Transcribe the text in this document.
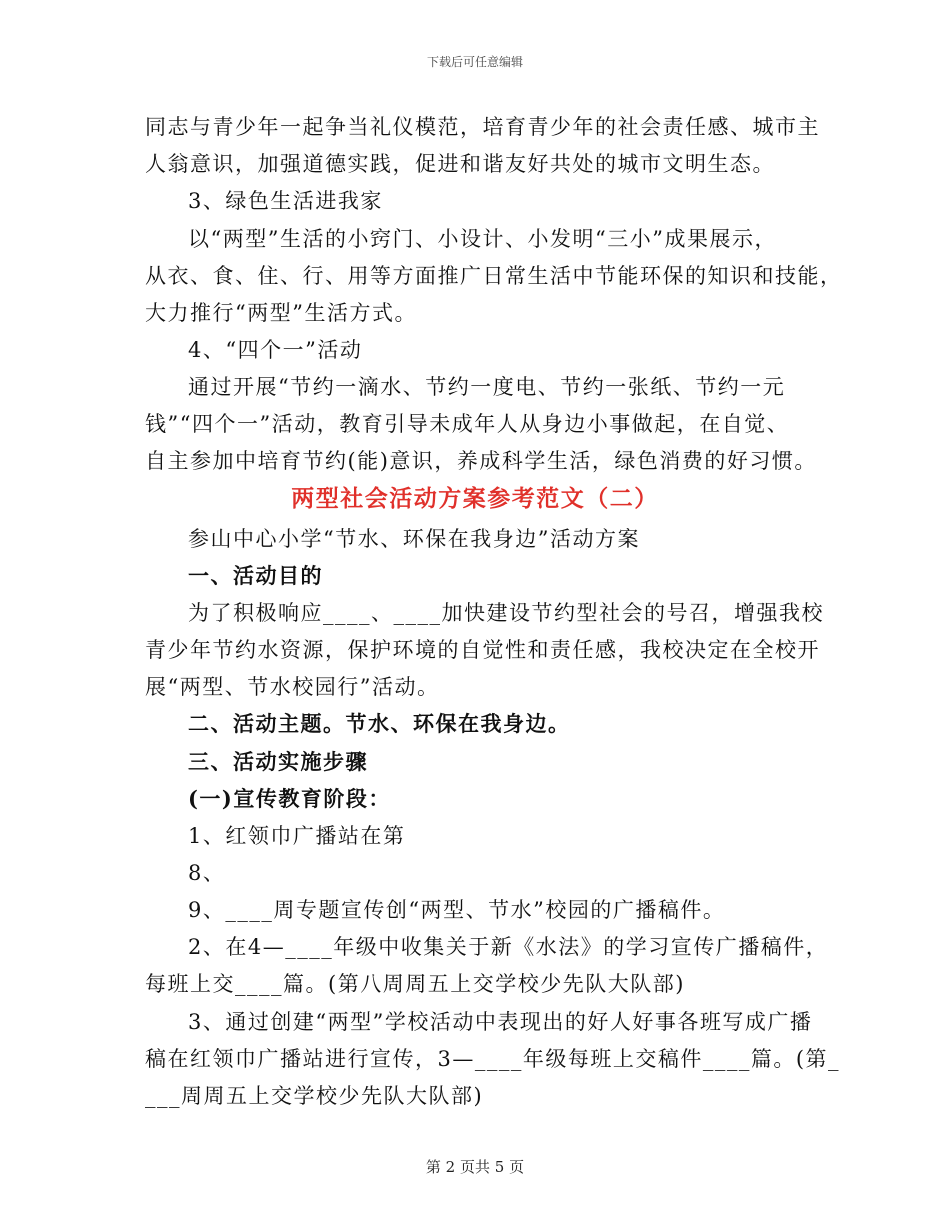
下载后可任意编辑
同志与青少年一起争当礼仪模范，培育青少年的社会责任感、城市主
人翁意识，加强道德实践，促进和谐友好共处的城市文明生态。
3、绿色生活进我家
以“两型”生活的小窍门、小设计、小发明“三小”成果展示，
从衣、食、住、行、用等方面推广日常生活中节能环保的知识和技能，
大力推行“两型”生活方式。
4、“四个一”活动
通过开展“节约一滴水、节约一度电、节约一张纸、节约一元
钱”“四个一”活动，教育引导未成年人从身边小事做起，在自觉、
自主参加中培育节约(能)意识，养成科学生活，绿色消费的好习惯。
两型社会活动方案参考范文（二）
参山中心小学“节水、环保在我身边”活动方案
一、活动目的
为了积极响应____、____加快建设节约型社会的号召，增强我校
青少年节约水资源，保护环境的自觉性和责任感，我校决定在全校开
展“两型、节水校园行”活动。
二、活动主题。节水、环保在我身边。
三、活动实施步骤
(一)宣传教育阶段：
1、红领巾广播站在第
8、
9、____周专题宣传创“两型、节水”校园的广播稿件。
2、在4—____年级中收集关于新《水法》的学习宣传广播稿件，
每班上交____篇。(第八周周五上交学校少先队大队部)
3、通过创建“两型”学校活动中表现出的好人好事各班写成广播
稿在红领巾广播站进行宣传，3—____年级每班上交稿件____篇。(第_
___周周五上交学校少先队大队部)
第 2 页共 5 页
